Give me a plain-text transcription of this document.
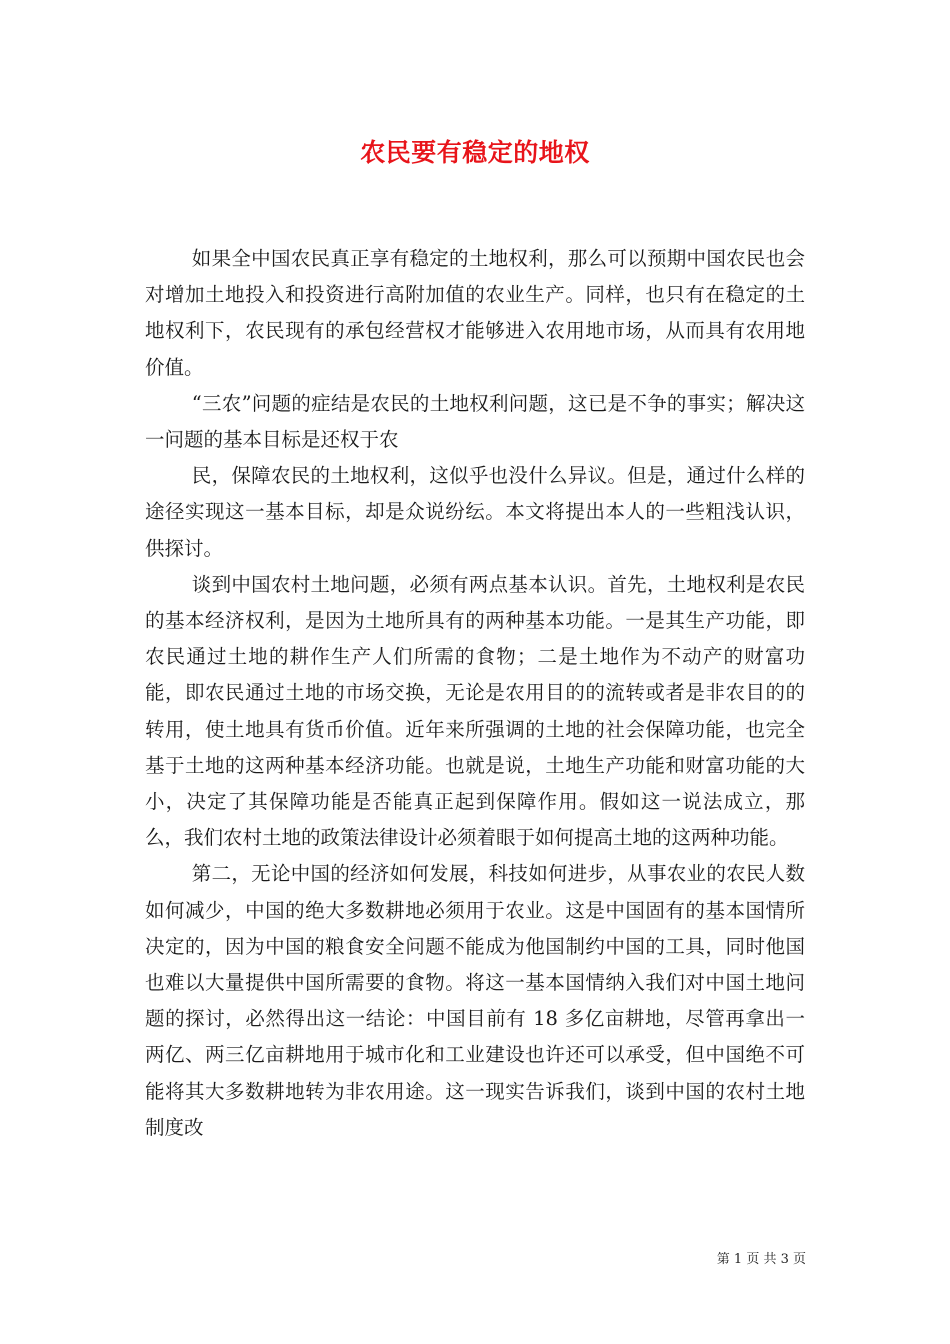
农民要有稳定的地权

如果全中国农民真正享有稳定的土地权利，那么可以预期中国农民也会对增加土地投入和投资进行高附加值的农业生产。同样，也只有在稳定的土地权利下，农民现有的承包经营权才能够进入农用地市场，从而具有农用地价值。

“三农”问题的症结是农民的土地权利问题，这已是不争的事实；解决这一问题的基本目标是还权于农

民，保障农民的土地权利，这似乎也没什么异议。但是，通过什么样的途径实现这一基本目标，却是众说纷纭。本文将提出本人的一些粗浅认识，供探讨。

谈到中国农村土地问题，必须有两点基本认识。首先，土地权利是农民的基本经济权利，是因为土地所具有的两种基本功能。一是其生产功能，即农民通过土地的耕作生产人们所需的食物；二是土地作为不动产的财富功能，即农民通过土地的市场交换，无论是农用目的的流转或者是非农目的的转用，使土地具有货币价值。近年来所强调的土地的社会保障功能，也完全基于土地的这两种基本经济功能。也就是说，土地生产功能和财富功能的大小，决定了其保障功能是否能真正起到保障作用。假如这一说法成立，那么，我们农村土地的政策法律设计必须着眼于如何提高土地的这两种功能。

第二，无论中国的经济如何发展，科技如何进步，从事农业的农民人数如何减少，中国的绝大多数耕地必须用于农业。这是中国固有的基本国情所决定的，因为中国的粮食安全问题不能成为他国制约中国的工具，同时他国也难以大量提供中国所需要的食物。将这一基本国情纳入我们对中国土地问题的探讨，必然得出这一结论：中国目前有 18 多亿亩耕地，尽管再拿出一两亿、两三亿亩耕地用于城市化和工业建设也许还可以承受，但中国绝不可能将其大多数耕地转为非农用途。这一现实告诉我们，谈到中国的农村土地制度改

第 1 页 共 3 页
